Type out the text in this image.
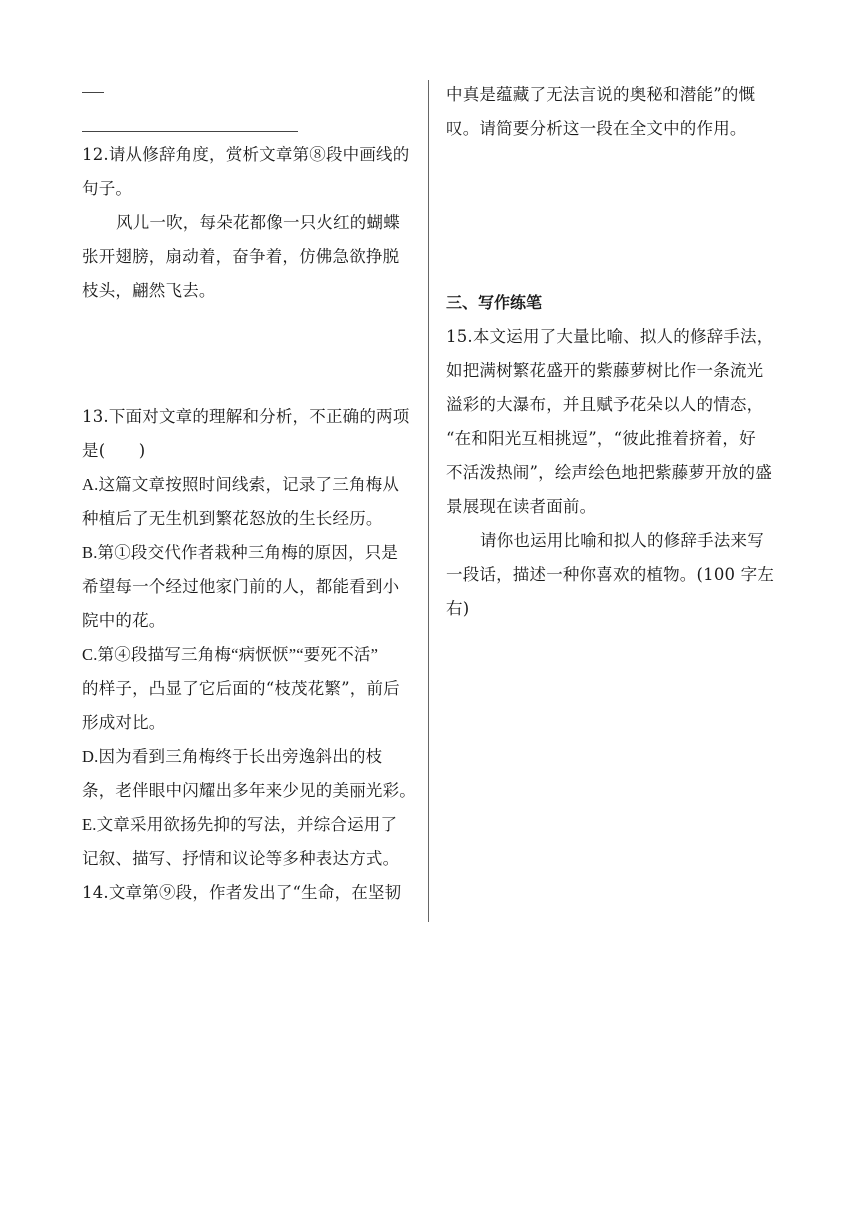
12.请从修辞角度，赏析文章第⑧段中画线的
句子。
风儿一吹，每朵花都像一只火红的蝴蝶
张开翅膀，扇动着，奋争着，仿佛急欲挣脱
枝头，翩然飞去。
13.下面对文章的理解和分析，不正确的两项
是(　　)
A.这篇文章按照时间线索，记录了三角梅从
种植后了无生机到繁花怒放的生长经历。
B.第①段交代作者栽种三角梅的原因，只是
希望每一个经过他家门前的人，都能看到小
院中的花。
C.第④段描写三角梅“病恹恹”“要死不活”
的样子，凸显了它后面的“枝茂花繁”，前后
形成对比。
D.因为看到三角梅终于长出旁逸斜出的枝
条，老伴眼中闪耀出多年来少见的美丽光彩。
E.文章采用欲扬先抑的写法，并综合运用了
记叙、描写、抒情和议论等多种表达方式。
14.文章第⑨段，作者发出了“生命，在坚韧
中真是蕴藏了无法言说的奥秘和潜能”的慨
叹。请简要分析这一段在全文中的作用。
三、写作练笔
15.本文运用了大量比喻、拟人的修辞手法，
如把满树繁花盛开的紫藤萝树比作一条流光
溢彩的大瀑布，并且赋予花朵以人的情态，
“在和阳光互相挑逗”，“彼此推着挤着，好
不活泼热闹”，绘声绘色地把紫藤萝开放的盛
景展现在读者面前。
请你也运用比喻和拟人的修辞手法来写
一段话，描述一种你喜欢的植物。(100 字左
右)
